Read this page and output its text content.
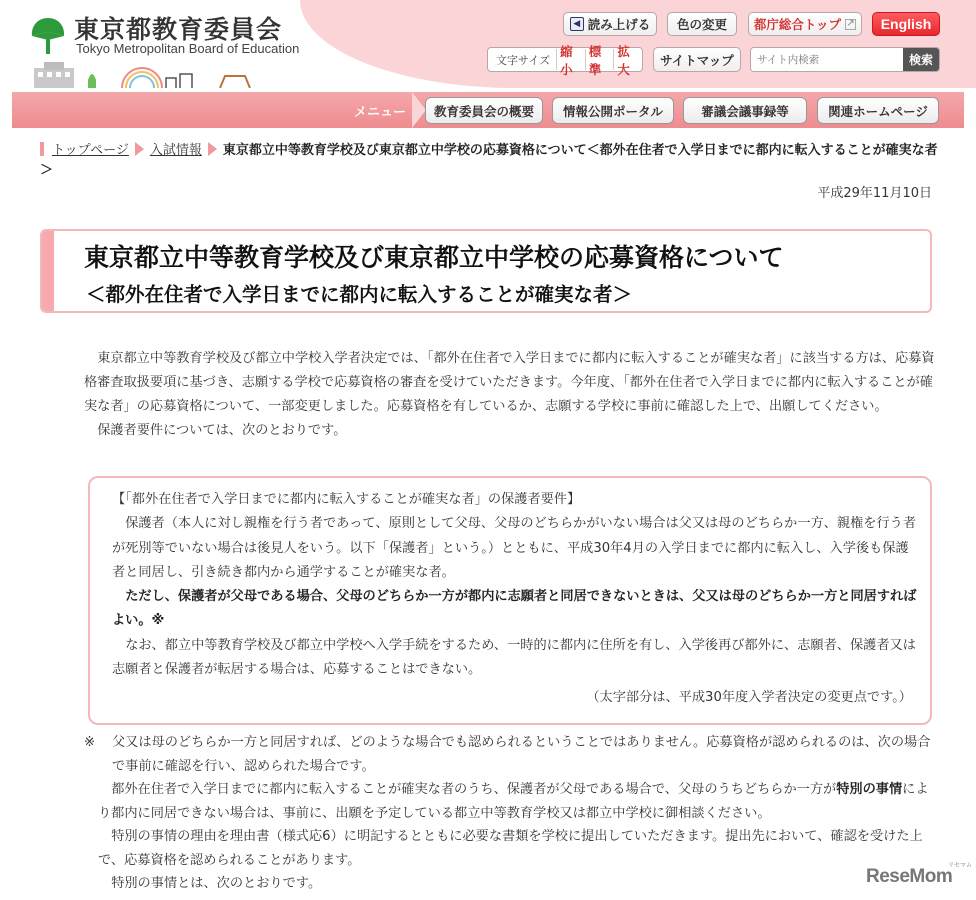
東京都教育委員会
Tokyo Metropolitan Board of Education
◀ 読み上げる 色の変更 都庁総合トップ ↗ English
文字サイズ
縮小
標準
拡大
サイトマップ
サイト内検索	検索
メニュー	教育委員会の概要	情報公開ポータル	審議会議事録等	関連ホームページ
トップページ 入試情報 東京都立中等教育学校及び東京都立中学校の応募資格について＜都外在住者で入学日までに都内に転入することが確実な者＞
平成29年11月10日
東京都立中等教育学校及び東京都立中学校の応募資格について
＜都外在住者で入学日までに都内に転入することが確実な者＞

東京都立中等教育学校及び都立中学校入学者決定では、「都外在住者で入学日までに都内に転入することが確実な者」に該当する方は、応募資格審査取扱要項に基づき、志願する学校で応募資格の審査を受けていただきます。今年度、「都外在住者で入学日までに都内に転入することが確実な者」の応募資格について、一部変更しました。応募資格を有しているか、志願する学校に事前に確認した上で、出願してください。

保護者要件については、次のとおりです。

【「都外在住者で入学日までに都内に転入することが確実な者」の保護者要件】

保護者（本人に対し親権を行う者であって、原則として父母、父母のどちらかがいない場合は父又は母のどちらか一方、親権を行う者が死別等でいない場合は後見人をいう。以下「保護者」という。）とともに、平成30年4月の入学日までに都内に転入し、入学後も保護者と同居し、引き続き都内から通学することが確実な者。

ただし、保護者が父母である場合、父母のどちらか一方が都内に志願者と同居できないときは、父又は母のどちらか一方と同居すればよい。※

なお、都立中等教育学校及び都立中学校へ入学手続をするため、一時的に都内に住所を有し、入学後再び都外に、志願者、保護者又は志願者と保護者が転居する場合は、応募することはできない。

（太字部分は、平成30年度入学者決定の変更点です。）

※ 父又は母のどちらか一方と同居すれば、どのような場合でも認められるということではありません。応募資格が認められるのは、次の場合で事前に確認を行い、認められた場合です。

都外在住者で入学日までに都内に転入することが確実な者のうち、保護者が父母である場合で、父母のうちどちらか一方が特別の事情により都内に同居できない場合は、事前に、出願を予定している都立中等教育学校又は都立中学校に御相談ください。

特別の事情の理由を理由書（様式応6）に明記するとともに必要な書類を学校に提出していただきます。提出先において、確認を受けた上で、応募資格を認められることがあります。

特別の事情とは、次のとおりです。

リセマム
ReseMom
